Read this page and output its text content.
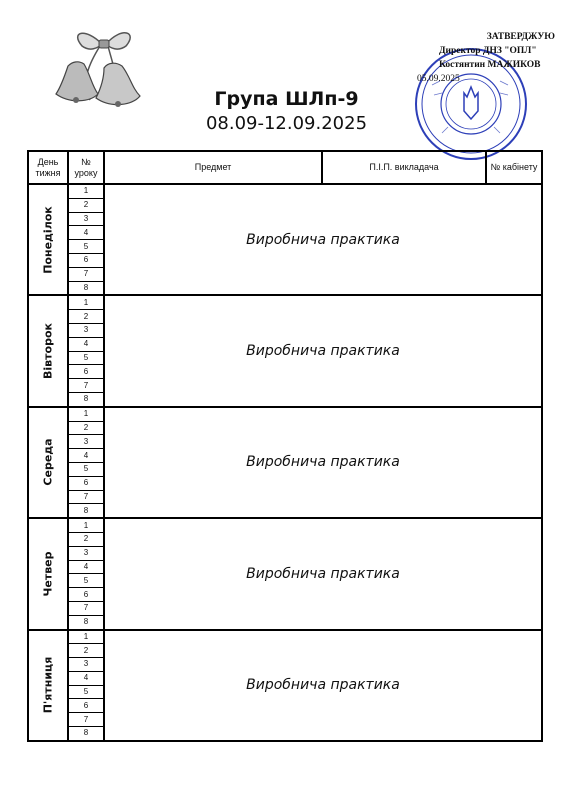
ЗАТВЕРДЖУЮ
Директор ДНЗ "ОПЛ"
Костянтин МАЖИКОВ
05.09.2025
Група ШЛп-9
08.09-12.09.2025
День тижня	№ уроку	Предмет	П.І.П. викладача	№ кабінету

Понеділок	1	Виробнича практика		
	2			
	3			
	4			
	5			
	6			
	7			
	8			

Вівторок	1	Виробнича практика		
	2			
	3			
	4			
	5			
	6			
	7			
	8			

Середа	1	Виробнича практика		
	2			
	3			
	4			
	5			
	6			
	7			
	8			

Четвер	1	Виробнича практика		
	2			
	3			
	4			
	5			
	6			
	7			
	8			

П'ятниця	1	Виробнича практика		
	2			
	3			
	4			
	5			
	6			
	7			
	8			
